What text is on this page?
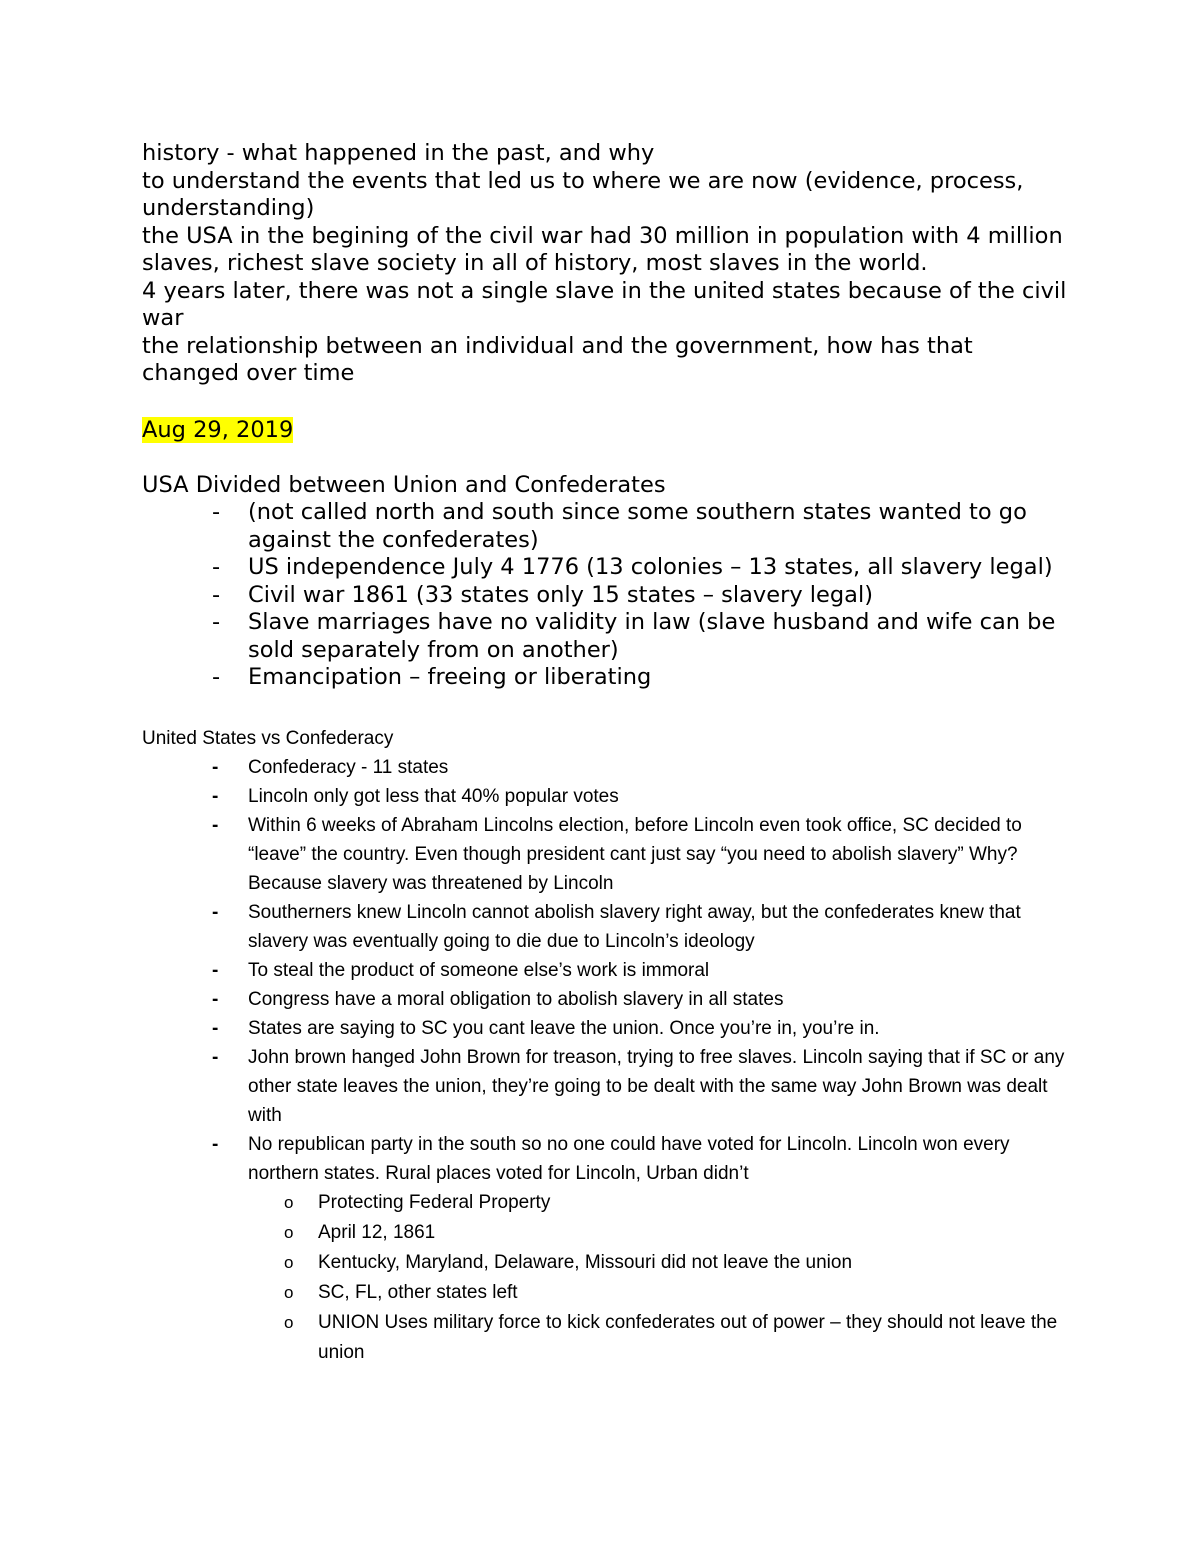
history - what happened in the past, and why

to understand the events that led us to where we are now (evidence, process, understanding)

the USA in the begining of the civil war had 30 million in population with 4 million slaves, richest slave society in all of history, most slaves in the world.

4 years later, there was not a single slave in the united states because of the civil war

the relationship between an individual and the government, how has that changed over time

Aug 29, 2019

USA Divided between Union and Confederates

- (not called north and south since some southern states wanted to go against the confederates)
- US independence July 4 1776 (13 colonies – 13 states, all slavery legal)
- Civil war 1861 (33 states only 15 states – slavery legal)
- Slave marriages have no validity in law (slave husband and wife can be sold separately from on another)
- Emancipation – freeing or liberating

United States vs Confederacy

- Confederacy - 11 states
- Lincoln only got less that 40% popular votes
- Within 6 weeks of Abraham Lincolns election, before Lincoln even took office, SC decided to “leave” the country. Even though president cant just say “you need to abolish slavery” Why? Because slavery was threatened by Lincoln
- Southerners knew Lincoln cannot abolish slavery right away, but the confederates knew that slavery was eventually going to die due to Lincoln’s ideology
- To steal the product of someone else’s work is immoral
- Congress have a moral obligation to abolish slavery in all states
- States are saying to SC you cant leave the union. Once you’re in, you’re in.
- John brown hanged John Brown for treason, trying to free slaves. Lincoln saying that if SC or any other state leaves the union, they’re going to be dealt with the same way John Brown was dealt with
- No republican party in the south so no one could have voted for Lincoln. Lincoln won every northern states. Rural places voted for Lincoln, Urban didn’t
o Protecting Federal Property
o April 12, 1861
o Kentucky, Maryland, Delaware, Missouri did not leave the union
o SC, FL, other states left
o UNION Uses military force to kick confederates out of power – they should not leave the union
